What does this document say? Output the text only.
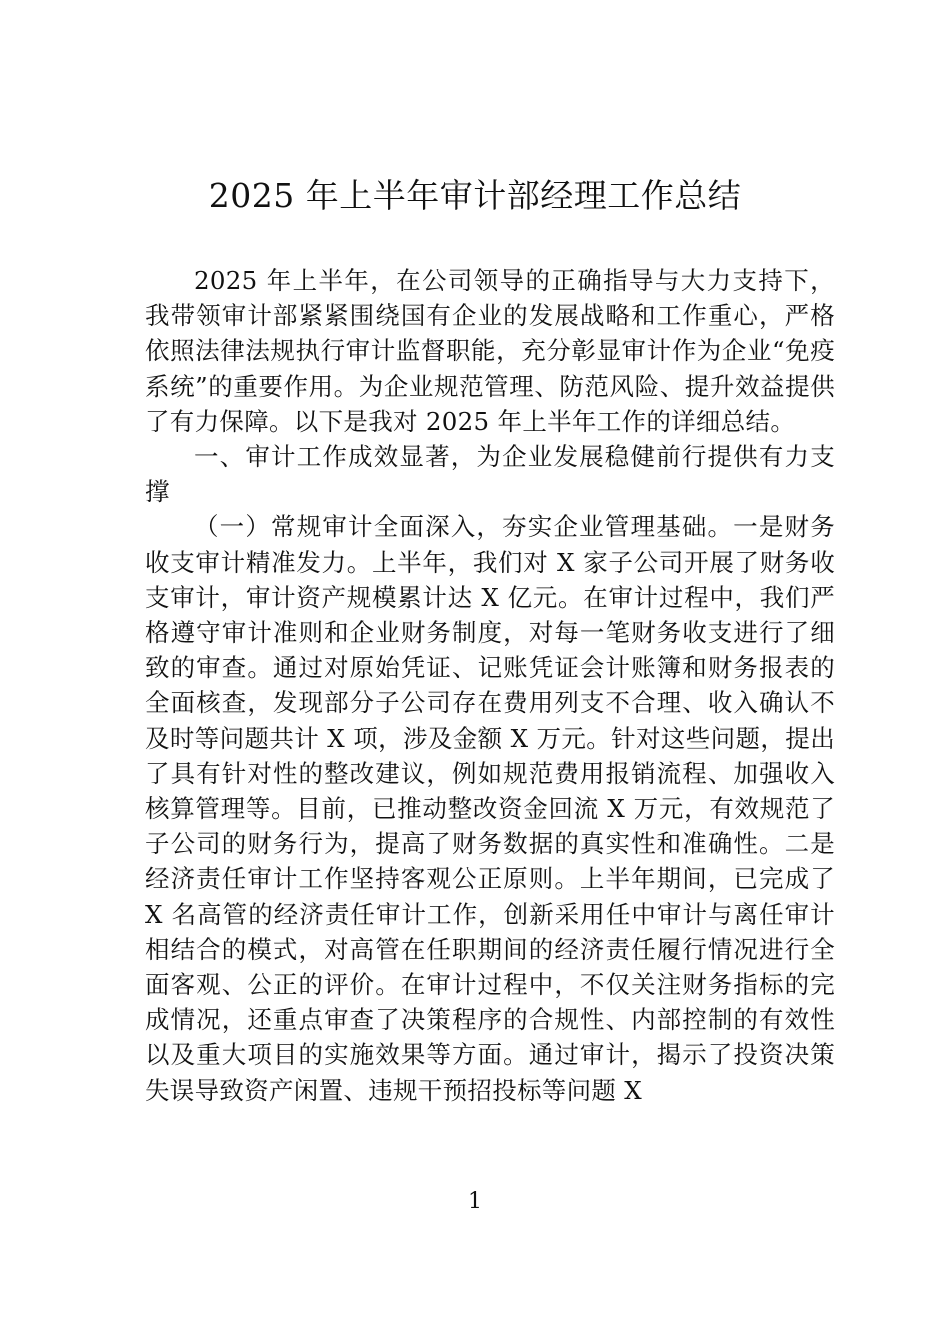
2025 年上半年审计部经理工作总结

2025 年上半年，在公司领导的正确指导与大力支持下，我带领审计部紧紧围绕国有企业的发展战略和工作重心，严格依照法律法规执行审计监督职能，充分彰显审计作为企业“免疫系统”的重要作用。为企业规范管理、防范风险、提升效益提供了有力保障。以下是我对 2025 年上半年工作的详细总结。

一、审计工作成效显著，为企业发展稳健前行提供有力支撑

（一）常规审计全面深入，夯实企业管理基础。一是财务收支审计精准发力。上半年，我们对 X 家子公司开展了财务收支审计，审计资产规模累计达 X 亿元。在审计过程中，我们严格遵守审计准则和企业财务制度，对每一笔财务收支进行了细致的审查。通过对原始凭证、记账凭证会计账簿和财务报表的全面核查，发现部分子公司存在费用列支不合理、收入确认不及时等问题共计 X 项，涉及金额 X 万元。针对这些问题，提出了具有针对性的整改建议，例如规范费用报销流程、加强收入核算管理等。目前，已推动整改资金回流 X 万元，有效规范了子公司的财务行为，提高了财务数据的真实性和准确性。二是经济责任审计工作坚持客观公正原则。上半年期间，已完成了 X 名高管的经济责任审计工作，创新采用任中审计与离任审计相结合的模式，对高管在任职期间的经济责任履行情况进行全面客观、公正的评价。在审计过程中，不仅关注财务指标的完成情况，还重点审查了决策程序的合规性、内部控制的有效性以及重大项目的实施效果等方面。通过审计，揭示了投资决策失误导致资产闲置、违规干预招投标等问题 X

1
